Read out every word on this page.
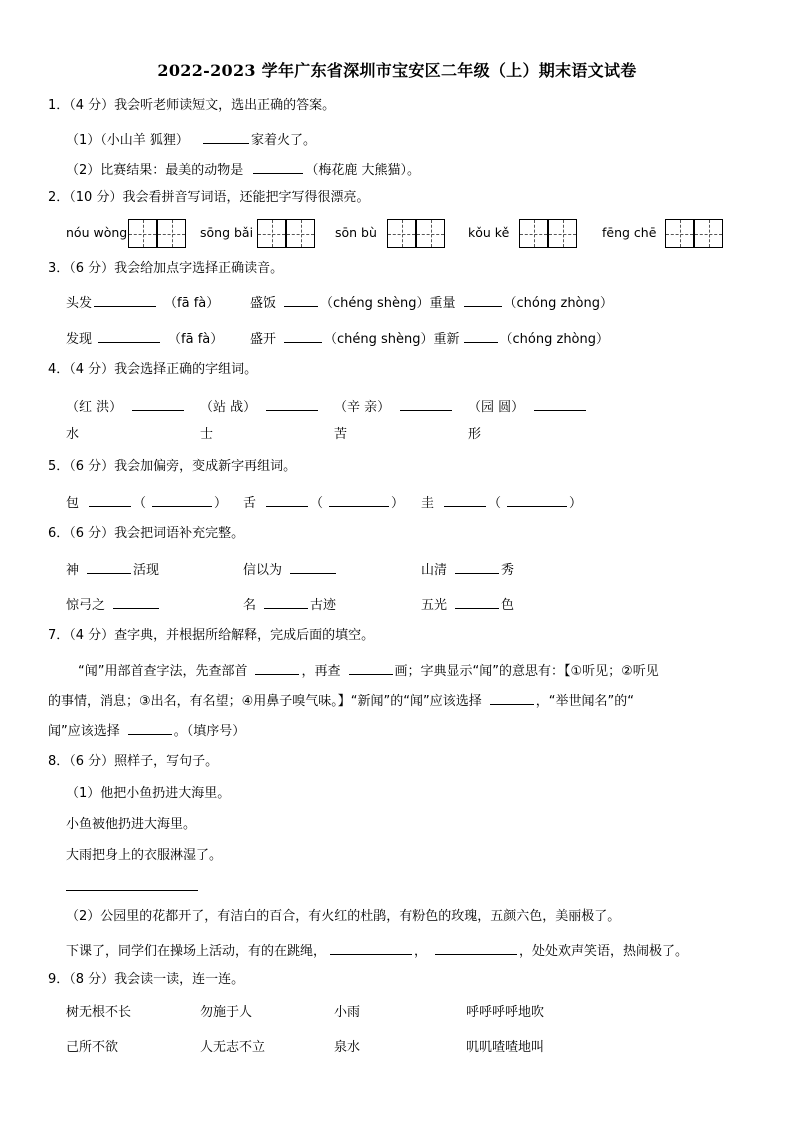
2022-2023 学年广东省深圳市宝安区二年级（上）期末语文试卷
1．（4 分）我会听老师读短文，选出正确的答案。
（1）（小山羊 狐狸）	家着火了。
（2）比赛结果：最美的动物是	（梅花鹿 大熊猫）。
2．（10 分）我会看拼音写词语，还能把字写得很漂亮。
nóu wòng	sōng bǎi	sōn bù	kǒu kě	fēng chē
3．（6 分）我会给加点字选择正确读音。
头发	（fā fà） 盛饭	（chéng shèng）重量	（chóng zhòng）
发现	（fā fà） 盛开	（chéng shèng）重新	（chóng zhòng）
4．（4 分）我会选择正确的字组词。
（红 洪）	（站 战）	（辛 亲）	（园 圆）
水	士	苦	形
5．（6 分）我会加偏旁，变成新字再组词。
包	（	） 舌	（	） 圭	（	）
6．（6 分）我会把词语补充完整。
神	活现	信以为	山清	秀
惊弓之	名	古迹	五光	色
7．（4 分）查字典，并根据所给解释，完成后面的填空。
“闻”用部首查字法，先查部首	，再查	画；字典显示“闻”的意思有：【①听见；②听见
的事情，消息；③出名，有名望；④用鼻子嗅气味。】“新闻”的“闻”应该选择	，“举世闻名”的“
闻”应该选择	。（填序号）
8．（6 分）照样子，写句子。
（1）他把小鱼扔进大海里。
小鱼被他扔进大海里。
大雨把身上的衣服淋湿了。
（2）公园里的花都开了，有洁白的百合，有火红的杜鹃，有粉色的玫瑰，五颜六色，美丽极了。
下课了，同学们在操场上活动，有的在跳绳，	，	，处处欢声笑语，热闹极了。
9．（8 分）我会读一读，连一连。
树无根不长	勿施于人	小雨	呼呼呼呼地吹
己所不欲	人无志不立	泉水	叽叽喳喳地叫
